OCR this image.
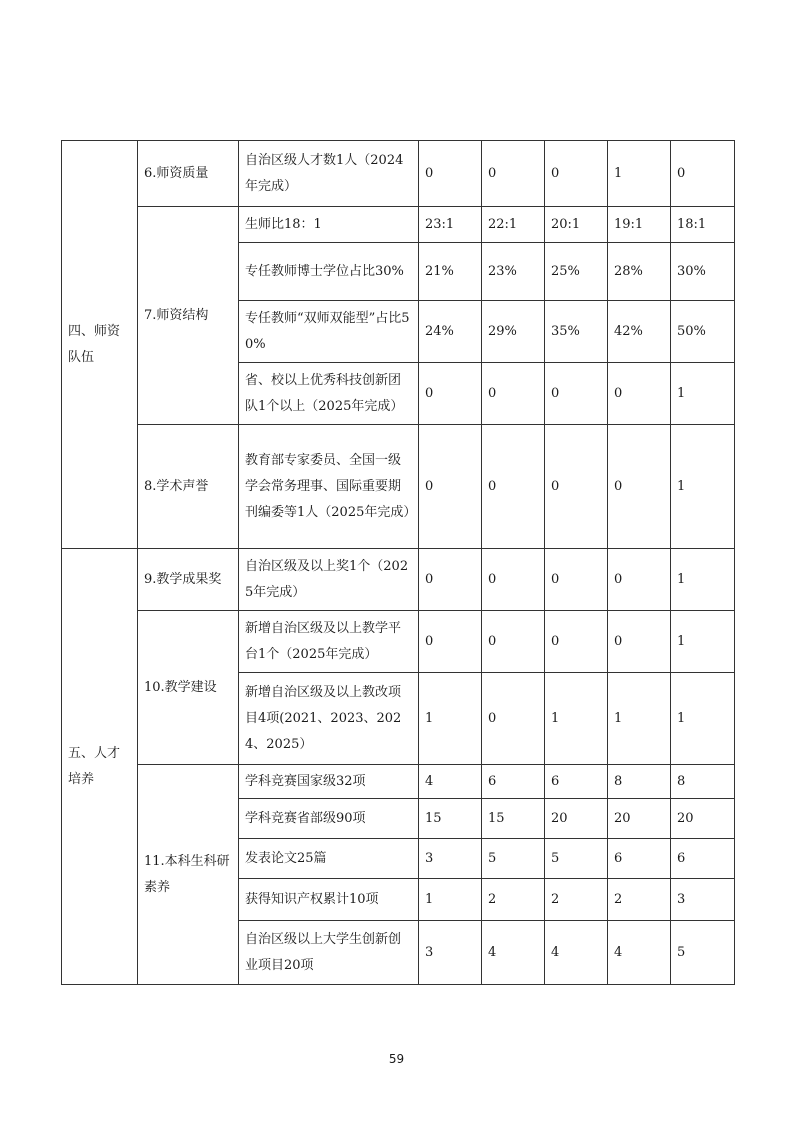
四、师资队伍	6.师资质量	自治区级人才数1人（2024年完成）	0	0	0	1	0
	7.师资结构	生师比18：1	23:1	22:1	20:1	19:1	18:1
		专任教师博士学位占比30%	21%	23%	25%	28%	30%
		专任教师“双师双能型”占比50%	24%	29%	35%	42%	50%
		省、校以上优秀科技创新团队1个以上（2025年完成）	0	0	0	0	1
	8.学术声誉	教育部专家委员、全国一级学会常务理事、国际重要期刊编委等1人（2025年完成）	0	0	0	0	1
五、人才培养	9.教学成果奖	自治区级及以上奖1个（2025年完成）	0	0	0	0	1
	10.教学建设	新增自治区级及以上教学平台1个（2025年完成）	0	0	0	0	1
		新增自治区级及以上教改项目4项(2021、2023、2024、2025）	1	0	1	1	1
	11.本科生科研素养	学科竞赛国家级32项	4	6	6	8	8
		学科竞赛省部级90项	15	15	20	20	20
		发表论文25篇	3	5	5	6	6
		获得知识产权累计10项	1	2	2	2	3
		自治区级以上大学生创新创业项目20项	3	4	4	4	5
59
